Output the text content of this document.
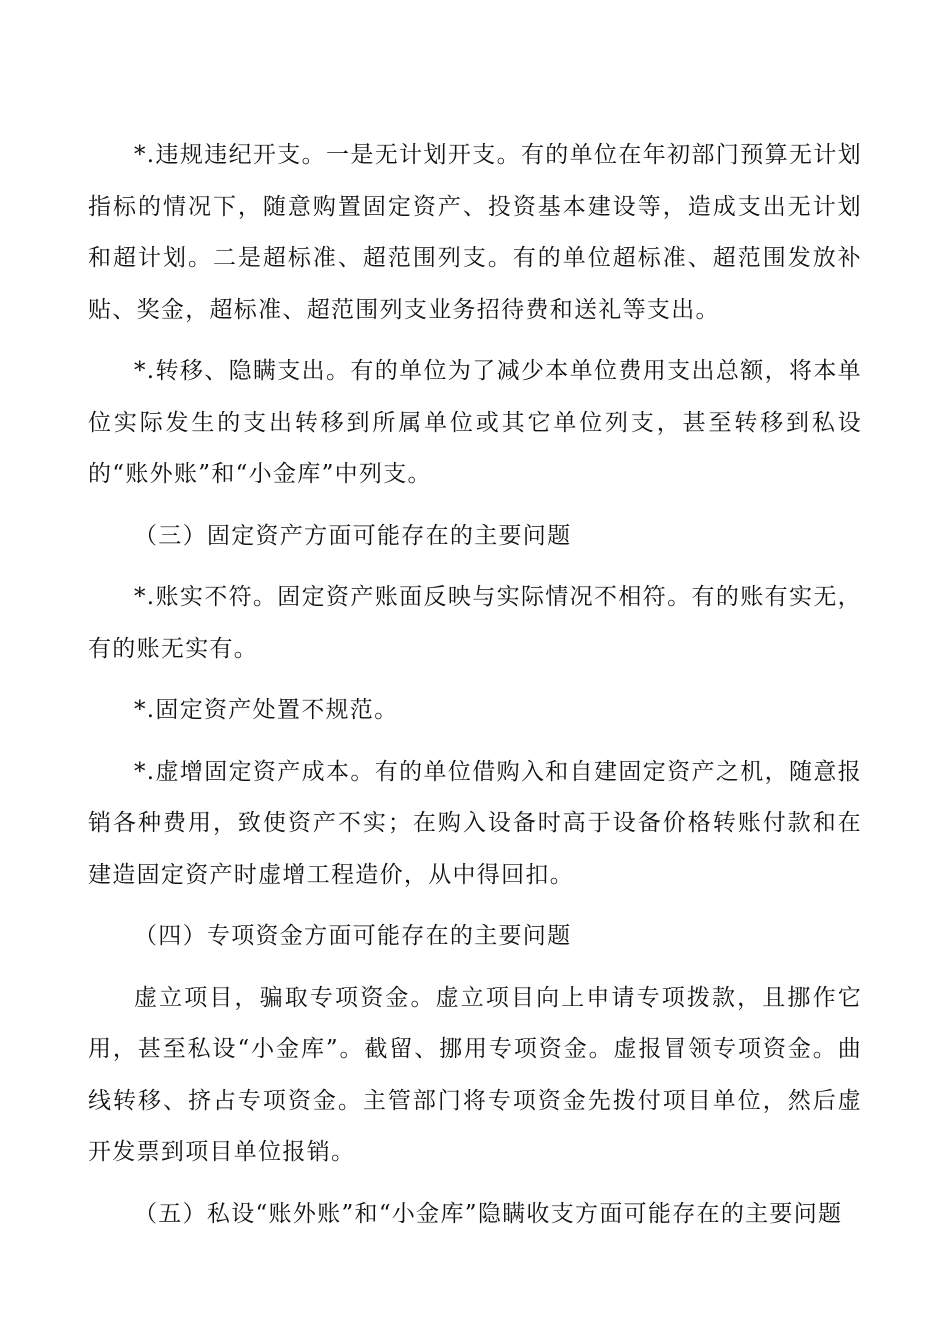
*.违规违纪开支。一是无计划开支。有的单位在年初部门预算无计划指标的情况下，随意购置固定资产、投资基本建设等，造成支出无计划和超计划。二是超标准、超范围列支。有的单位超标准、超范围发放补贴、奖金，超标准、超范围列支业务招待费和送礼等支出。

*.转移、隐瞒支出。有的单位为了减少本单位费用支出总额，将本单位实际发生的支出转移到所属单位或其它单位列支，甚至转移到私设的“账外账”和“小金库”中列支。

（三）固定资产方面可能存在的主要问题

*.账实不符。固定资产账面反映与实际情况不相符。有的账有实无，有的账无实有。

*.固定资产处置不规范。

*.虚增固定资产成本。有的单位借购入和自建固定资产之机，随意报销各种费用，致使资产不实；在购入设备时高于设备价格转账付款和在建造固定资产时虚增工程造价，从中得回扣。

（四）专项资金方面可能存在的主要问题

虚立项目，骗取专项资金。虚立项目向上申请专项拨款，且挪作它用，甚至私设“小金库”。截留、挪用专项资金。虚报冒领专项资金。曲线转移、挤占专项资金。主管部门将专项资金先拨付项目单位，然后虚开发票到项目单位报销。

（五）私设“账外账”和“小金库”隐瞒收支方面可能存在的主要问题
